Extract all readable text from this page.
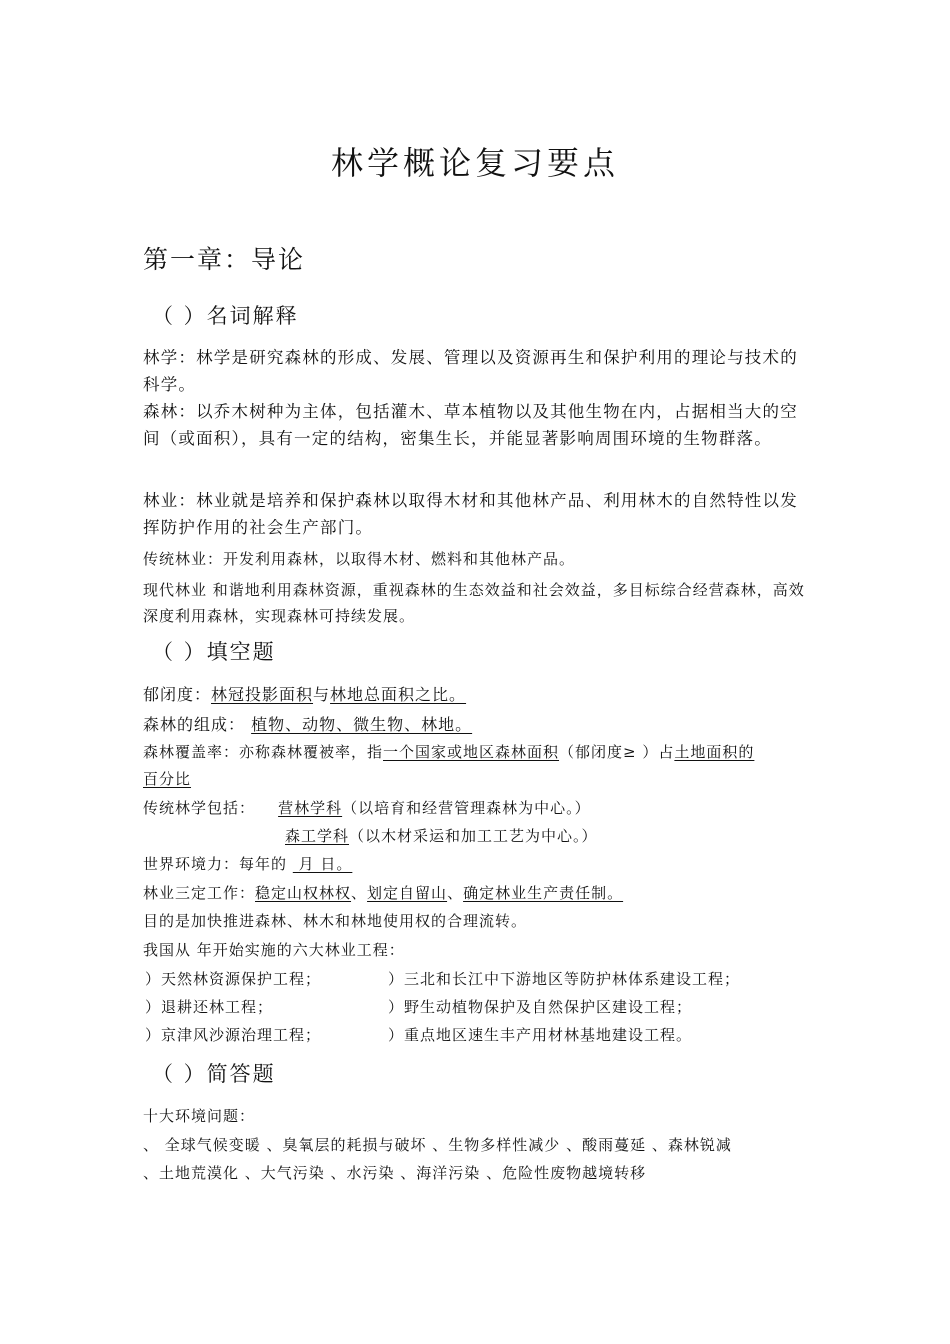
林学概论复习要点
第一章：导论
（ ）名词解释
林学：林学是研究森林的形成、发展、管理以及资源再生和保护利用的理论与技术的科学。
森林：以乔木树种为主体，包括灌木、草本植物以及其他生物在内，占据相当大的空间（或面积），具有一定的结构，密集生长，并能显著影响周围环境的生物群落。
林业：林业就是培养和保护森林以取得木材和其他林产品、利用林木的自然特性以发挥防护作用的社会生产部门。
传统林业：开发利用森林，以取得木材、燃料和其他林产品。
现代林业 和谐地利用森林资源，重视森林的生态效益和社会效益，多目标综合经营森林，高效深度利用森林，实现森林可持续发展。
（ ）填空题
郁闭度：林冠投影面积与林地总面积之比。
森林的组成： 植物、动物、微生物、林地。
森林覆盖率：亦称森林覆被率，指一个国家或地区森林面积（郁闭度≥ ）占土地面积的
百分比
传统林学包括： 营林学科（以培育和经营管理森林为中心。）
森工学科（以木材采运和加工工艺为中心。）
世界环境力：每年的  月 日。
林业三定工作：稳定山权林权、划定自留山、确定林业生产责任制。
目的是加快推进森林、林木和林地使用权的合理流转。
我国从 年开始实施的六大林业工程：
）天然林资源保护工程；	）三北和长江中下游地区等防护林体系建设工程；
）退耕还林工程；	）野生动植物保护及自然保护区建设工程；
）京津风沙源治理工程；	）重点地区速生丰产用材林基地建设工程。
（ ）简答题
十大环境问题：
、 全球气候变暖 、臭氧层的耗损与破坏 、生物多样性减少 、酸雨蔓延 、森林锐减
、土地荒漠化 、大气污染 、水污染 、海洋污染 、危险性废物越境转移
